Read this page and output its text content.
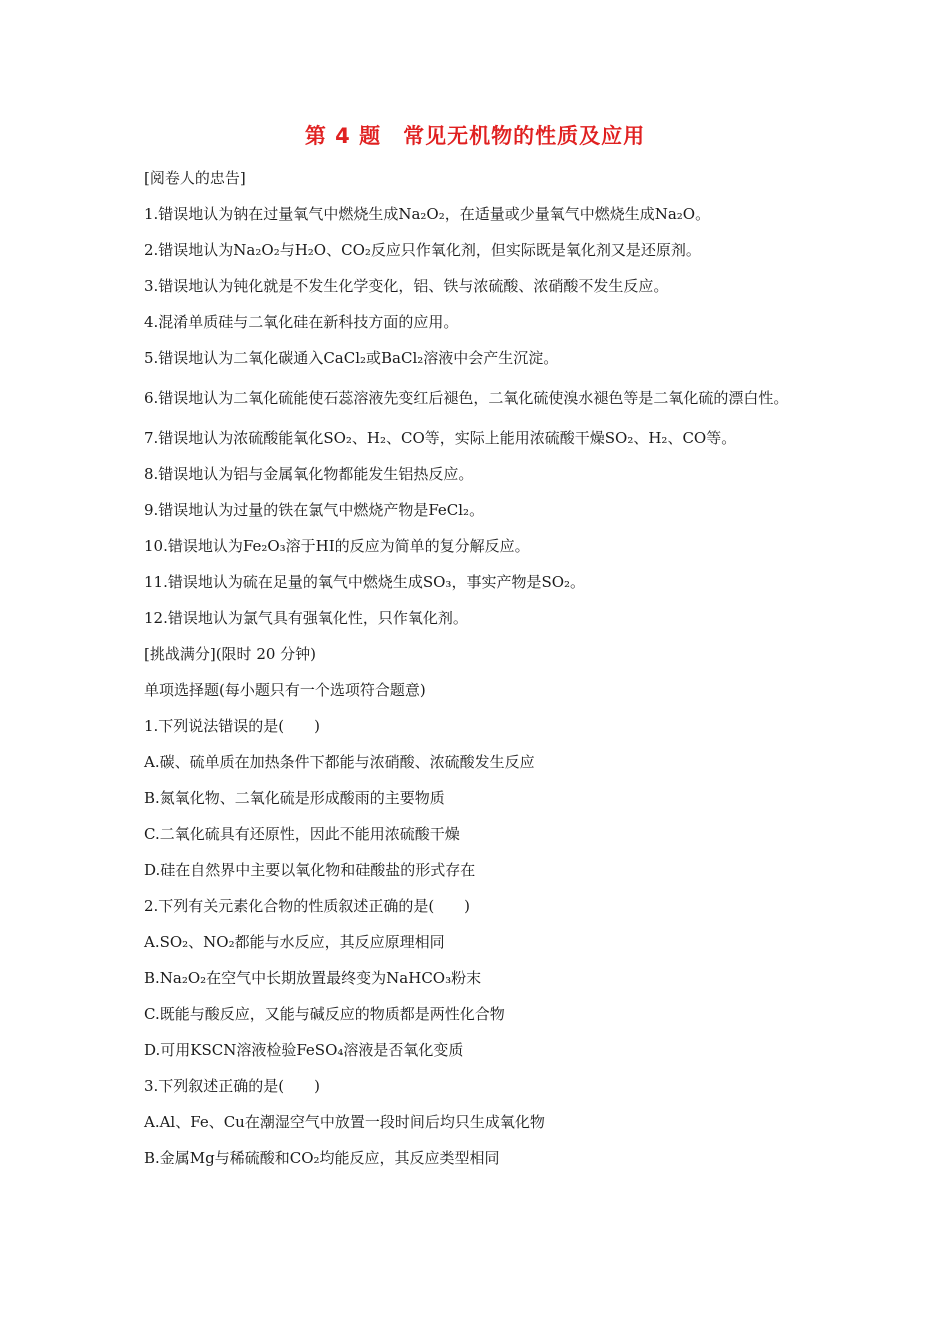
第 4 题　常见无机物的性质及应用
[阅卷人的忠告]
1.错误地认为钠在过量氧气中燃烧生成Na₂O₂，在适量或少量氧气中燃烧生成Na₂O。
2.错误地认为Na₂O₂与H₂O、CO₂反应只作氧化剂，但实际既是氧化剂又是还原剂。
3.错误地认为钝化就是不发生化学变化，铝、铁与浓硫酸、浓硝酸不发生反应。
4.混淆单质硅与二氧化硅在新科技方面的应用。
5.错误地认为二氧化碳通入CaCl₂或BaCl₂溶液中会产生沉淀。
6.错误地认为二氧化硫能使石蕊溶液先变红后褪色，二氧化硫使溴水褪色等是二氧化硫的漂白性。
7.错误地认为浓硫酸能氧化SO₂、H₂、CO等，实际上能用浓硫酸干燥SO₂、H₂、CO等。
8.错误地认为铝与金属氧化物都能发生铝热反应。
9.错误地认为过量的铁在氯气中燃烧产物是FeCl₂。
10.错误地认为Fe₂O₃溶于HI的反应为简单的复分解反应。
11.错误地认为硫在足量的氧气中燃烧生成SO₃，事实产物是SO₂。
12.错误地认为氯气具有强氧化性，只作氧化剂。
[挑战满分](限时 20 分钟)
单项选择题(每小题只有一个选项符合题意)
1.下列说法错误的是(　　)
A.碳、硫单质在加热条件下都能与浓硝酸、浓硫酸发生反应
B.氮氧化物、二氧化硫是形成酸雨的主要物质
C.二氧化硫具有还原性，因此不能用浓硫酸干燥
D.硅在自然界中主要以氧化物和硅酸盐的形式存在
2.下列有关元素化合物的性质叙述正确的是(　　)
A.SO₂、NO₂都能与水反应，其反应原理相同
B.Na₂O₂在空气中长期放置最终变为NaHCO₃粉末
C.既能与酸反应，又能与碱反应的物质都是两性化合物
D.可用KSCN溶液检验FeSO₄溶液是否氧化变质
3.下列叙述正确的是(　　)
A.Al、Fe、Cu在潮湿空气中放置一段时间后均只生成氧化物
B.金属Mg与稀硫酸和CO₂均能反应，其反应类型相同
